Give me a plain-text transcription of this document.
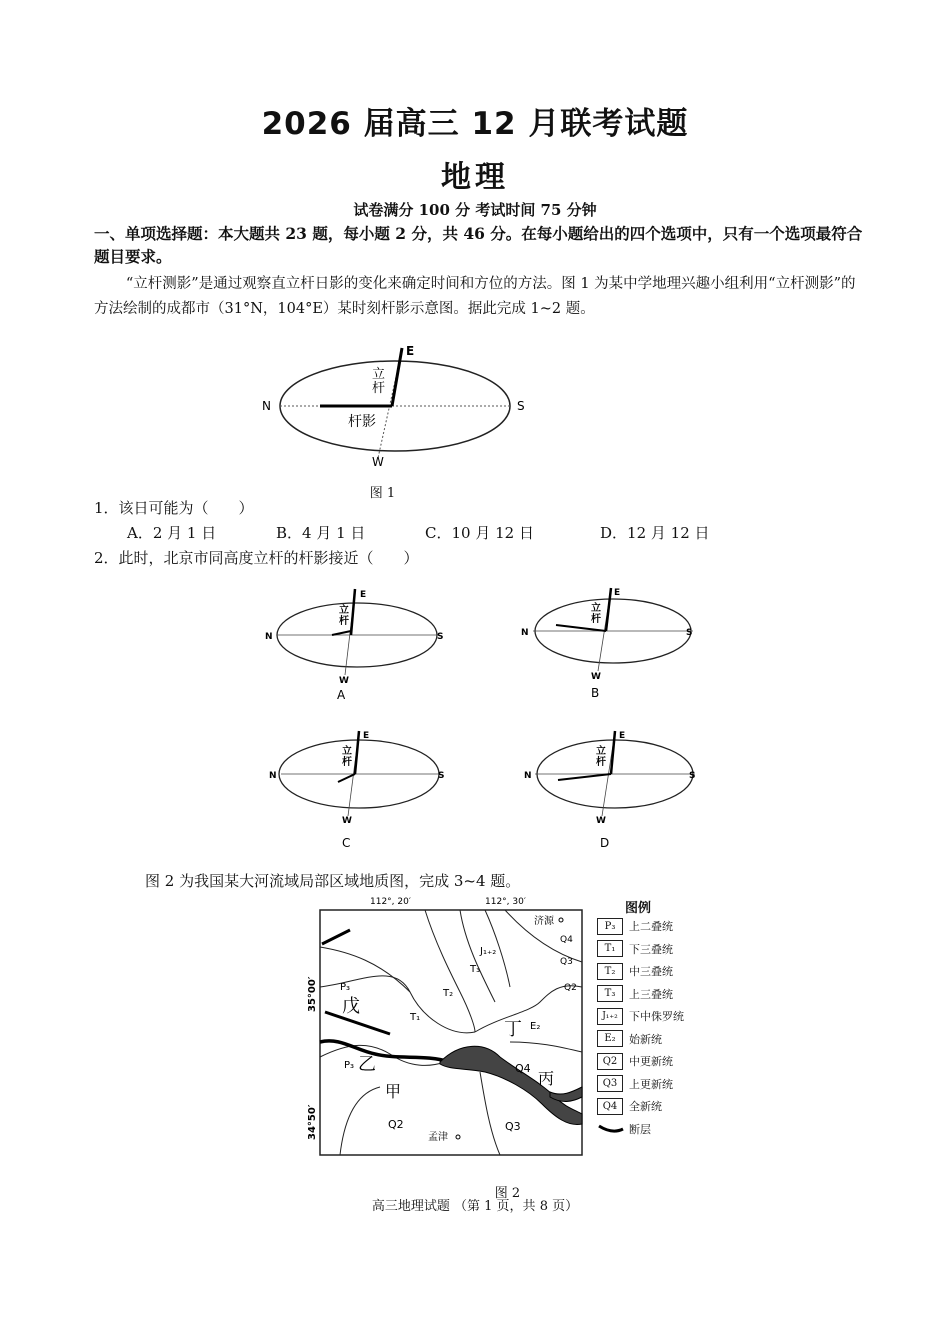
2026 届高三 12 月联考试题
地理
试卷满分 100 分 考试时间 75 分钟
一、单项选择题：本大题共 23 题，每小题 2 分，共 46 分。在每小题给出的四个选项中，只有一个选项最符合题目要求。
“立杆测影”是通过观察直立杆日影的变化来确定时间和方位的方法。图 1 为某中学地理兴趣小组利用“立杆测影”的方法绘制的成都市（31°N，104°E）某时刻杆影示意图。据此完成 1~2 题。
E
N	S
W
立
杆
杆影
图 1
1．该日可能为（　　）
A．2 月 1 日	B．4 月 1 日	C．10 月 12 日	D．12 月 12 日
2．此时，北京市同高度立杆的杆影接近（　　）
E
N	S
W
立
杆
A
E
N	S
W
立
杆
B
E
N	S
W
立
杆
C
E
N	S
W
立
杆
D
图 2 为我国某大河流域局部区域地质图，完成 3~4 题。
112°, 20′	112°, 30′
35°00′
34°50′
济源
孟津
P₃
戊
T₁
T₂
T₃
J₁₊₂
丁 E₂
P₃ 乙
甲
Q4
丙
Q2	Q3
Q4
Q3
Q2
图例
P₃	上二叠统
T₁	下三叠统
T₂	中三叠统
T₃	上三叠统
J₁₊₂	下中侏罗统
E₂	始新统
Q2	中更新统
Q3	上更新统
Q4	全新统
断层
图 2
高三地理试题 （第 1 页，共 8 页）
